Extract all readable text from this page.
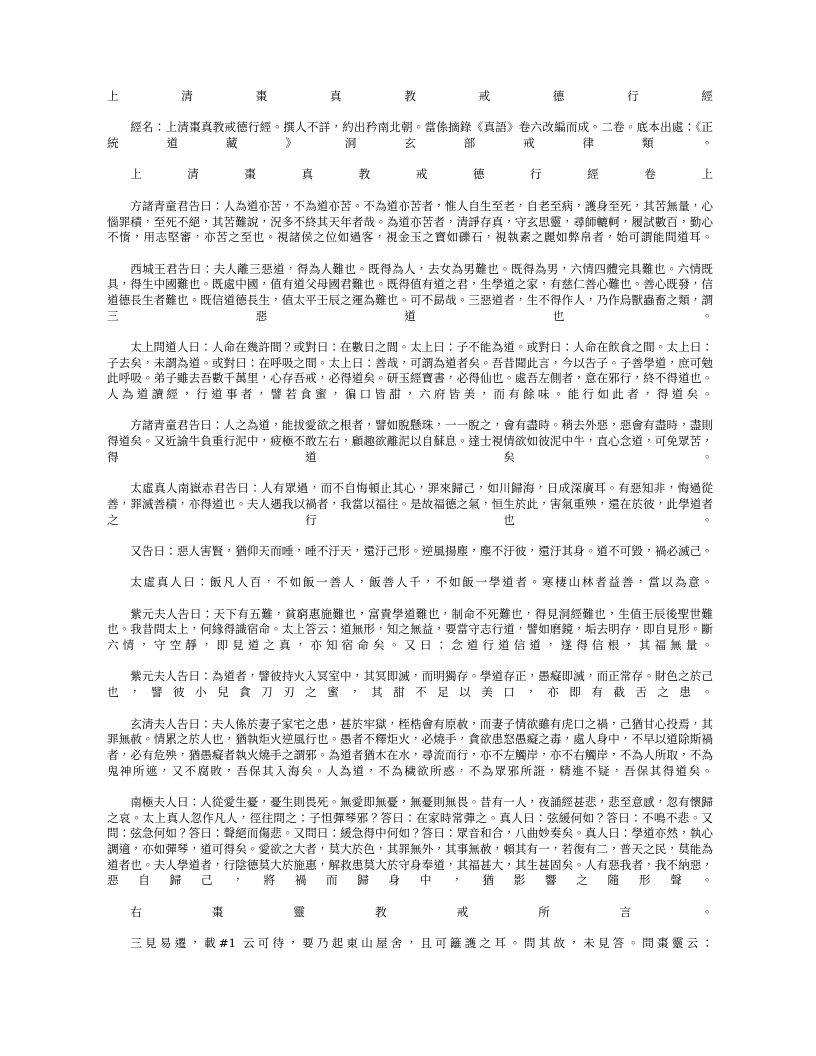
上清棗真教戒德行經

經名：上清棗真教戒德行經。撰人不詳，約出矜南北朝。當係摘錄《真語》卷六改編而成。二卷。底本出處：《正統道藏》洞玄部戒律類。

上清棗真教戒德行經卷上

方諸青童君告曰：人為道亦苦，不為道亦苦。不為道亦苦者，惟人自生至老，自老至病，護身至死，其苦無量，心惱罪積，至死不絕，其苦難說，況多不終其天年者哉。為道亦苦者，清諍存真，守玄思靈，尋師轆軻，履試數百，勤心不惰，用志堅審，亦苦之至也。視諸侯之位如過客，視金玉之寶如礫石，視執素之麗如弊帛者，始可謂能問道耳。

西城王君告曰：夫人離三惡道，得為人難也。既得為人，去女為男難也。既得為男，六情四體完具難也。六情既具，得生中國難也。既處中國，值有道父母國君難也。既得值有道之君，生學道之家，有慈仁善心難也。善心既發，信道德長生者難也。既信道德長生，值太平壬辰之運為難也。可不勗哉。三惡道者，生不得作人，乃作烏獸蟲畜之類，謂三惡道也。

太上問道人曰：人命在幾許間？或對曰：在數日之間。太上曰：子不能為道。或對曰：人命在飲食之間。太上曰：子去矣，未謂為道。或對曰：在呼吸之間。太上曰：善哉，可謂為道者矣。吾昔聞此言，今以告子。子善學道，庶可勉此呼吸。弟子雖去吾數千萬里，心存吾戒，必得道矣。研玉經寶書，必得仙也。處吾左側者，意在邪行，終不得道也。人為道讀經，行道事者，譬若食蜜，徧口皆甜，六府皆美，而有餘味。能行如此者，得道矣。

方諸青童君告曰：人之為道，能拔愛欲之根者，譬如脫懸珠，一一脫之，會有盡時。稍去外惡，惡會有盡時，盡則得道矣。又近諭牛負重行泥中，疲極不敢左右，顧趣欲離泥以自蘇息。達士視情欲如彼泥中牛，直心念道，可免眾苦，得道矣。

太虛真人南嶽赤君告曰：人有眾過，而不自悔頓止其心，罪來歸己，如川歸海，日成深廣耳。有惡知非，悔過從善，罪滅善積，亦得道也。夫人遇我以禍者，我當以福往。是故福德之氣，恒生於此，害氣重殃，還在於彼，此學道者之行也。

又告曰：惡人害賢，猶仰天而唾，唾不汙天，還汙己形。逆風揚塵，塵不汙彼，還汙其身。道不可毀，禍必滅己。

太虛真人曰：飯凡人百，不如飯一善人，飯善人千，不如飯一學道者。寒棲山林者益善，當以為意。

紫元夫人告曰：天下有五難，貧窮惠施難也，富貴學道難也，制命不死難也，得見洞經難也，生值壬辰後聖世難也。我昔問太上，何緣得識宿命。太上答云：道無形，知之無益，要當守志行道，譬如磨鏡，垢去明存，即自見形。斷六情，守空靜，即見道之真，亦知宿命矣。又曰：念道行道信道，遂得信根，其福無量。

紫元夫人告曰：為道者，譬彼持火入冥室中，其冥即滅，而明獨存。學道存正，愚癡即滅，而正常存。財色之於己也，譬彼小兒貪刀刃之蜜，其甜不足以美口，亦即有截舌之患。

玄清夫人告曰：夫人係於妻子家宅之患，甚於牢獄，桎梏會有原赦，而妻子情欲雖有虎口之禍，己猶甘心投焉，其罪無赦。情累之於人也，猶執炬火逆風行也。愚者不釋炬火，必燒手，貪欲患怒愚癡之毒，處人身中，不早以道除斯禍者，必有危殃，猶愚癡者執火燒手之謂邪。為道者猶木在水，尋流而行，亦不左觸岸，亦不右觸岸，不為人所取，不為鬼神所遮，又不腐敗，吾保其入海矣。人為道，不為穢欲所惑，不為眾邪所誑，精進不疑，吾保其得道矣。

南極夫人曰：人從愛生憂，憂生則畏死。無愛即無憂，無憂則無畏。昔有一人，夜誦經甚悲，悲至意感，忽有懷歸之哀。太上真人忽作凡人，徑往問之：子怛彈琴邪？答曰：在家時常彈之。真人曰：弦緩何如？答曰：不鳴不悲。又問：弦急何如？答曰：聲絕而傷悲。又問曰：緩急得中何如？答曰：眾音和合，八曲妙奏矣。真人曰：學道亦然，執心調適，亦如彈琴，道可得矣。愛欲之大者，莫大於色，其罪無外，其事無赦，賴其有一，若復有二，普天之民，莫能為道者也。夫人學道者，行陰德莫大於施惠，解救患莫大於守身奉道，其福甚大，其生甚固矣。人有惡我者，我不納惡，惡自歸己，將禍而歸身中，猶影響之隨形聲。

右棗靈教戒所言。

三見易遷，載#1 云可待，要乃起東山屋舍，且可籬護之耳。問其故，未見答。問棗靈云：
